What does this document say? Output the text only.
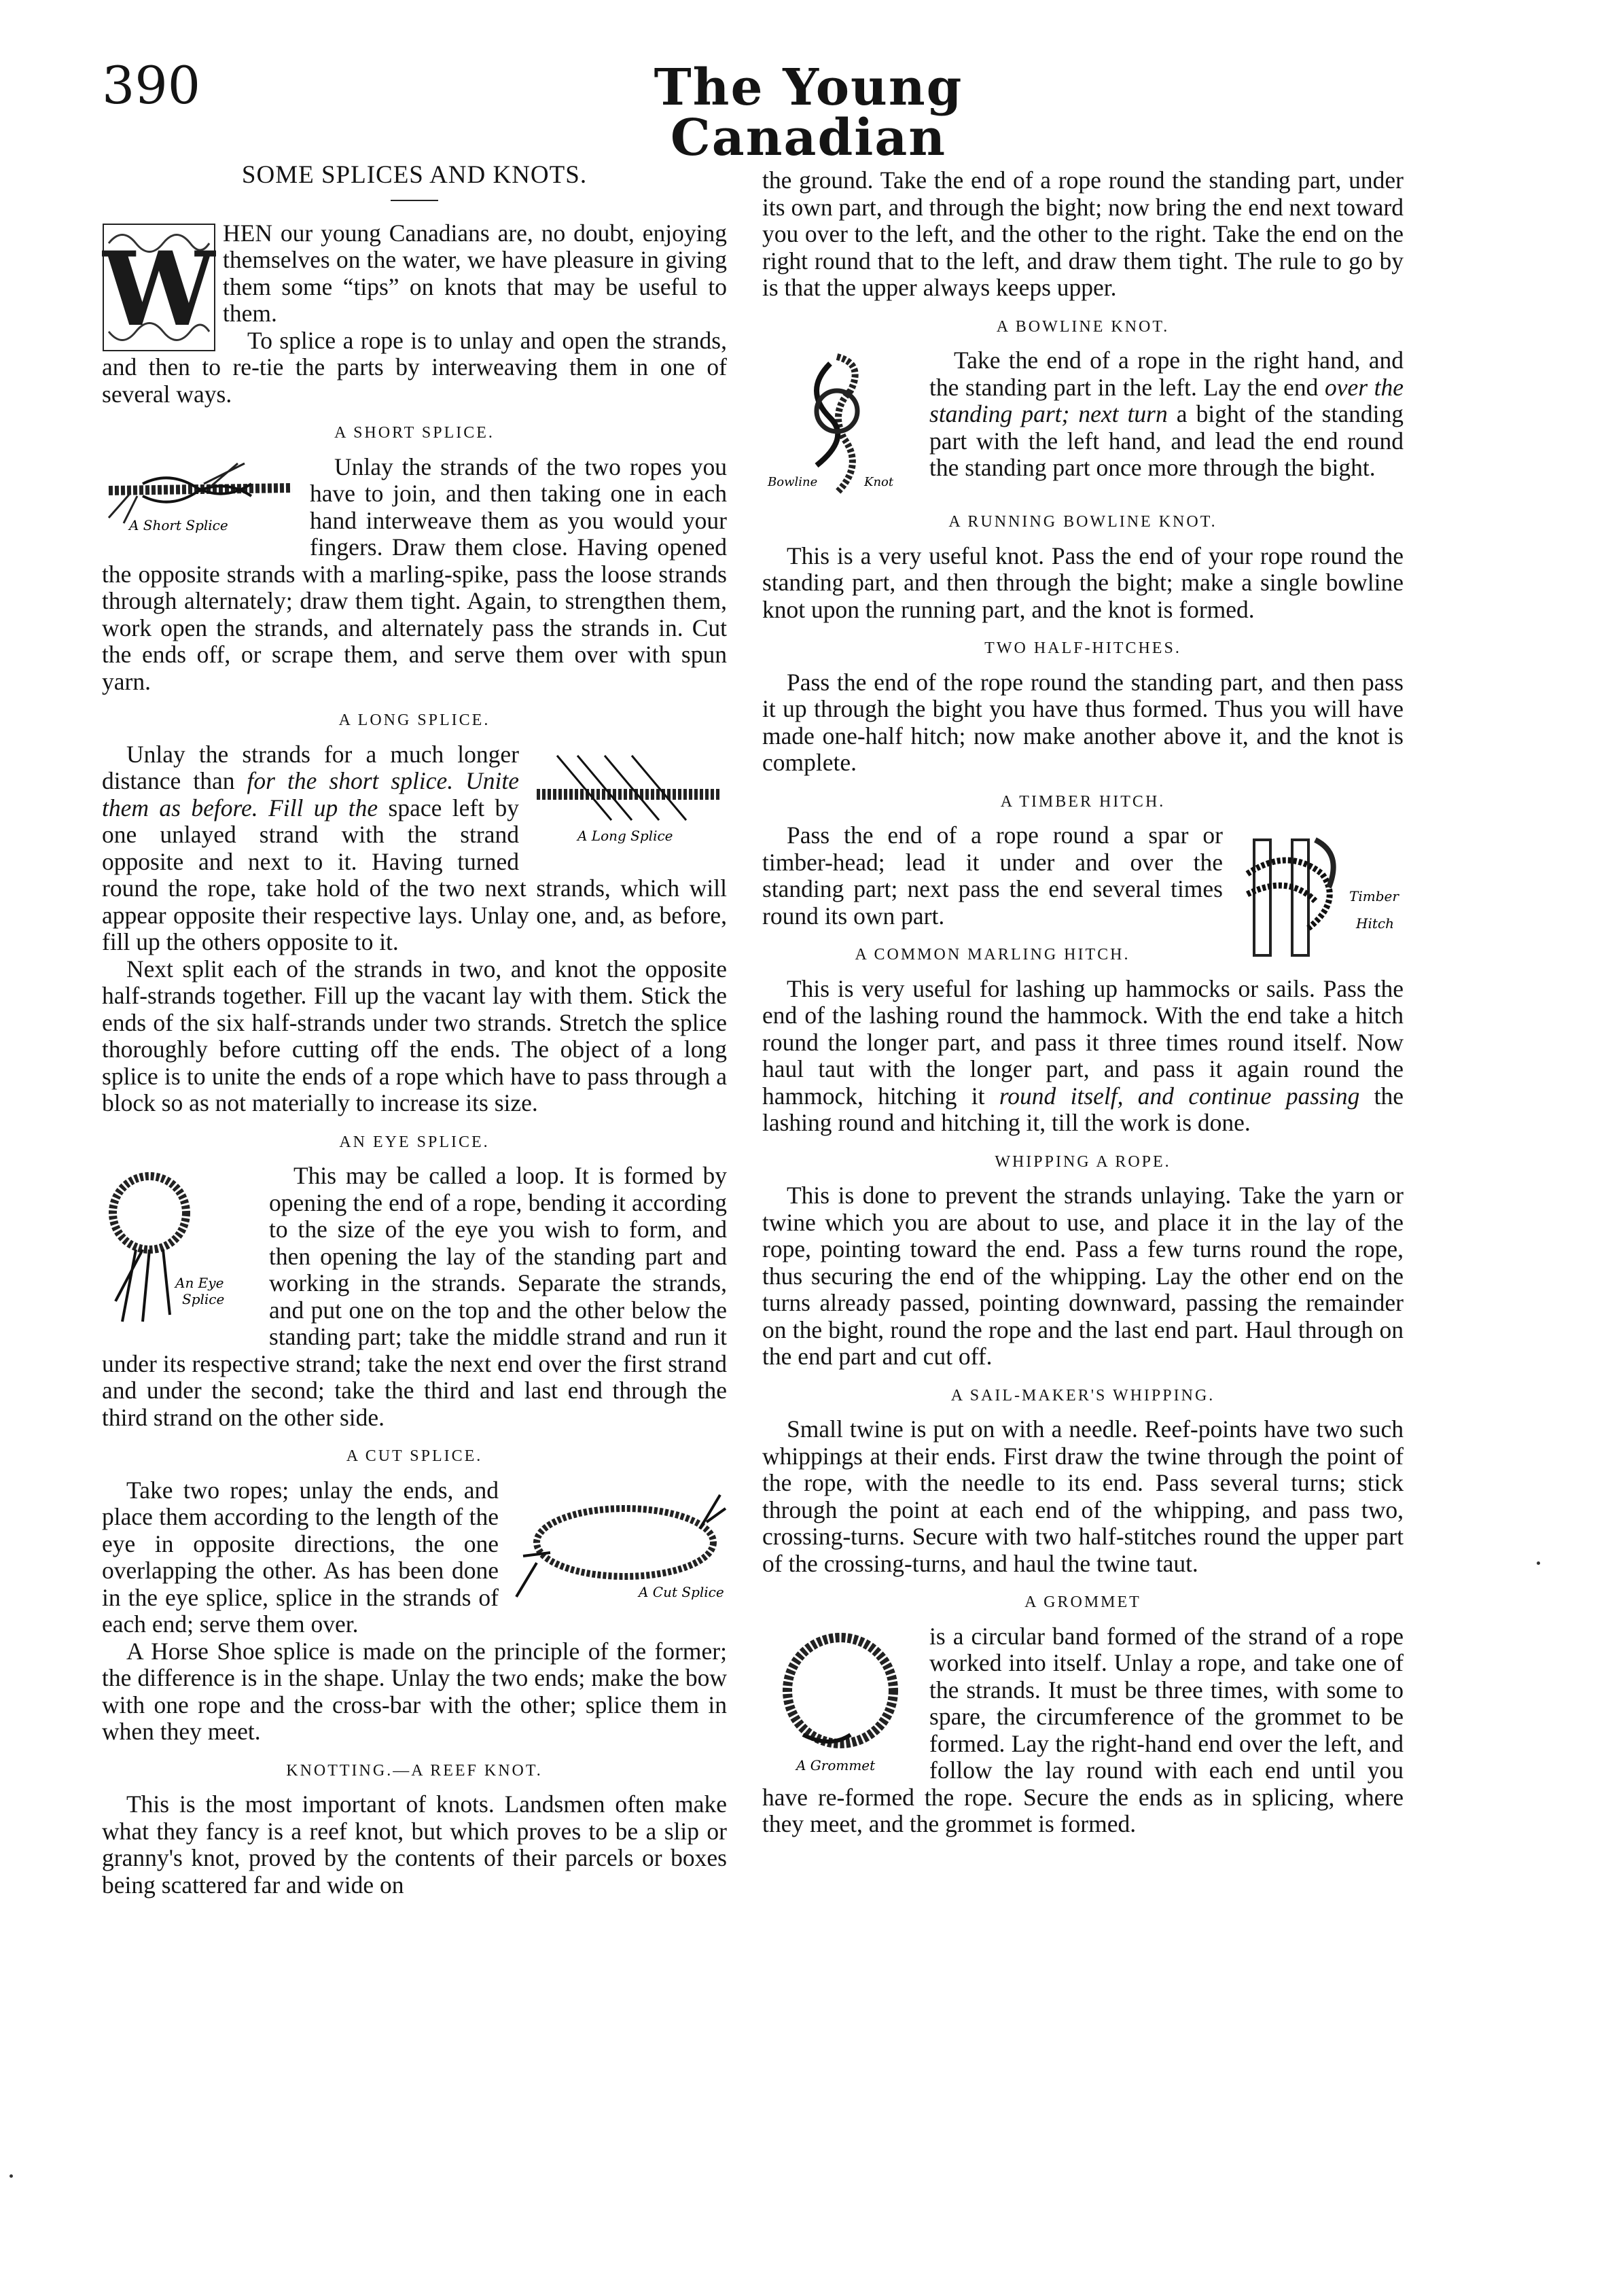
390	The Young Canadian
SOME SPLICES AND KNOTS.
W HEN our young Canadians are, no doubt, enjoying themselves on the water, we have pleasure in giving them some “tips” on knots that may be useful to them.

To splice a rope is to unlay and open the strands, and then to re-tie the parts by interweaving them in one of several ways.

A SHORT SPLICE.
A Short Splice

Unlay the strands of the two ropes you have to join, and then taking one in each hand interweave them as you would your fingers. Draw them close. Having opened the opposite strands with a marling-spike, pass the loose strands through alternately; draw them tight. Again, to strengthen them, work open the strands, and alternately pass the strands in. Cut the ends off, or scrape them, and serve them over with spun yarn.

A LONG SPLICE.
A Long Splice

Unlay the strands for a much longer distance than for the short splice. Unite them as before. Fill up the space left by one unlayed strand with the strand opposite and next to it. Having turned round the rope, take hold of the two next strands, which will appear opposite their respective lays. Unlay one, and, as before, fill up the others opposite to it.

Next split each of the strands in two, and knot the opposite half-strands together. Fill up the vacant lay with them. Stick the ends of the six half-strands under two strands. Stretch the splice thoroughly before cutting off the ends. The object of a long splice is to unite the ends of a rope which have to pass through a block so as not materially to increase its size.

AN EYE SPLICE.
An Eye
Splice

This may be called a loop. It is formed by opening the end of a rope, bending it according to the size of the eye you wish to form, and then opening the lay of the standing part and working in the strands. Separate the strands, and put one on the top and the other below the standing part; take the middle strand and run it under its respective strand; take the next end over the first strand and under the second; take the third and last end through the third strand on the other side.

A CUT SPLICE.
A Cut Splice

Take two ropes; unlay the ends, and place them according to the length of the eye in opposite directions, the one overlapping the other. As has been done in the eye splice, splice in the strands of each end; serve them over.

A Horse Shoe splice is made on the principle of the former; the difference is in the shape. Unlay the two ends; make the bow with one rope and the cross-bar with the other; splice them in when they meet.

KNOTTING.—A REEF KNOT.

This is the most important of knots. Landsmen often make what they fancy is a reef knot, but which proves to be a slip or granny's knot, proved by the contents of their parcels or boxes being scattered far and wide on

the ground. Take the end of a rope round the standing part, under its own part, and through the bight; now bring the end next toward you over to the left, and the other to the right. Take the end on the right round that to the left, and draw them tight. The rule to go by is that the upper always keeps upper.

A BOWLINE KNOT.
Bowline	Knot

Take the end of a rope in the right hand, and the standing part in the left. Lay the end over the standing part; next turn a bight of the standing part with the left hand, and lead the end round the standing part once more through the bight.

A RUNNING BOWLINE KNOT.

This is a very useful knot. Pass the end of your rope round the standing part, and then through the bight; make a single bowline knot upon the running part, and the knot is formed.

TWO HALF-HITCHES.

Pass the end of the rope round the standing part, and then pass it up through the bight you have thus formed. Thus you will have made one-half hitch; now make another above it, and the knot is complete.

A TIMBER HITCH.
Timber
Hitch

Pass the end of a rope round a spar or timber-head; lead it under and over the standing part; next pass the end several times round its own part.

A COMMON MARLING HITCH.

This is very useful for lashing up hammocks or sails. Pass the end of the lashing round the hammock. With the end take a hitch round the longer part, and pass it three times round itself. Now haul taut with the longer part, and pass it again round the hammock, hitching it round itself, and continue passing the lashing round and hitching it, till the work is done.

WHIPPING A ROPE.

This is done to prevent the strands unlaying. Take the yarn or twine which you are about to use, and place it in the lay of the rope, pointing toward the end. Pass a few turns round the rope, thus securing the end of the whipping. Lay the other end on the turns already passed, pointing downward, passing the remainder on the bight, round the rope and the last end part. Haul through on the end part and cut off.

A SAIL-MAKER'S WHIPPING.

Small twine is put on with a needle. Reef-points have two such whippings at their ends. First draw the twine through the point of the rope, with the needle to its end. Pass several turns; stick through the point at each end of the whipping, and pass two, crossing-turns. Secure with two half-stitches round the upper part of the crossing-turns, and haul the twine taut.

A GROMMET
A Grommet

is a circular band formed of the strand of a rope worked into itself. Unlay a rope, and take one of the strands. It must be three times, with some to spare, the circumference of the grommet to be formed. Lay the right-hand end over the left, and follow the lay round with each end until you have re-formed the rope. Secure the ends as in splicing, where they meet, and the grommet is formed.
